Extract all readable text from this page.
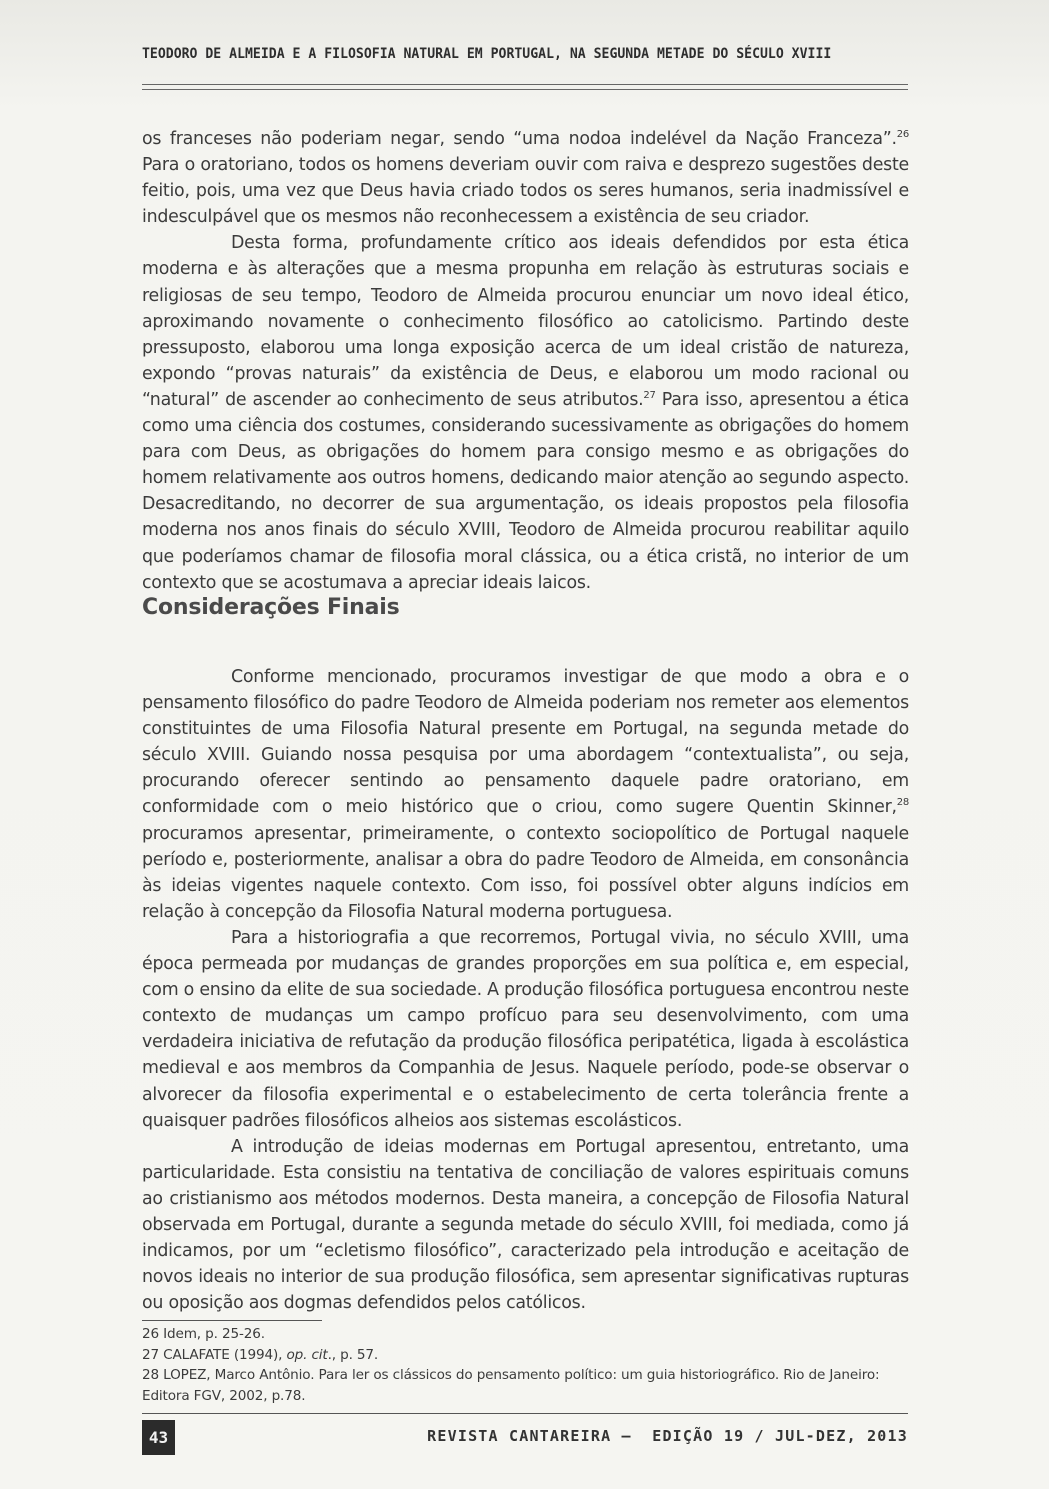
TEODORO DE ALMEIDA E A FILOSOFIA NATURAL EM PORTUGAL, NA SEGUNDA METADE DO SÉCULO XVIII

os franceses não poderiam negar, sendo “uma nodoa indelével da Nação Franceza”.$^{26}$ Para o oratoriano, todos os homens deveriam ouvir com raiva e desprezo sugestões deste feitio, pois, uma vez que Deus havia criado todos os seres humanos, seria inadmissível e indesculpável que os mesmos não reconhecessem a existência de seu criador.

Desta forma, profundamente crítico aos ideais defendidos por esta ética moderna e às alterações que a mesma propunha em relação às estruturas sociais e religiosas de seu tempo, Teodoro de Almeida procurou enunciar um novo ideal ético, aproximando novamente o conhecimento filosófico ao catolicismo. Partindo deste pressuposto, elaborou uma longa exposição acerca de um ideal cristão de natureza, expondo “provas naturais” da existência de Deus, e elaborou um modo racional ou “natural” de ascender ao conhecimento de seus atributos.$^{27}$ Para isso, apresentou a ética como uma ciência dos costumes, considerando sucessivamente as obrigações do homem para com Deus, as obrigações do homem para consigo mesmo e as obrigações do homem relativamente aos outros homens, dedicando maior atenção ao segundo aspecto. Desacreditando, no decorrer de sua argumentação, os ideais propostos pela filosofia moderna nos anos finais do século XVIII, Teodoro de Almeida procurou reabilitar aquilo que poderíamos chamar de filosofia moral clássica, ou a ética cristã, no interior de um contexto que se acostumava a apreciar ideais laicos.

Considerações Finais

Conforme mencionado, procuramos investigar de que modo a obra e o pensamento filosófico do padre Teodoro de Almeida poderiam nos remeter aos elementos constituintes de uma Filosofia Natural presente em Portugal, na segunda metade do século XVIII. Guiando nossa pesquisa por uma abordagem “contextualista”, ou seja, procurando oferecer sentindo ao pensamento daquele padre oratoriano, em conformidade com o meio histórico que o criou, como sugere Quentin Skinner,$^{28}$ procuramos apresentar, primeiramente, o contexto sociopolítico de Portugal naquele período e, posteriormente, analisar a obra do padre Teodoro de Almeida, em consonância às ideias vigentes naquele contexto. Com isso, foi possível obter alguns indícios em relação à concepção da Filosofia Natural moderna portuguesa.

Para a historiografia a que recorremos, Portugal vivia, no século XVIII, uma época permeada por mudanças de grandes proporções em sua política e, em especial, com o ensino da elite de sua sociedade. A produção filosófica portuguesa encontrou neste contexto de mudanças um campo profícuo para seu desenvolvimento, com uma verdadeira iniciativa de refutação da produção filosófica peripatética, ligada à escolástica medieval e aos membros da Companhia de Jesus. Naquele período, pode-se observar o alvorecer da filosofia experimental e o estabelecimento de certa tolerância frente a quaisquer padrões filosóficos alheios aos sistemas escolásticos.

A introdução de ideias modernas em Portugal apresentou, entretanto, uma particularidade. Esta consistiu na tentativa de conciliação de valores espirituais comuns ao cristianismo aos métodos modernos. Desta maneira, a concepção de Filosofia Natural observada em Portugal, durante a segunda metade do século XVIII, foi mediada, como já indicamos, por um “ecletismo filosófico”, caracterizado pela introdução e aceitação de novos ideais no interior de sua produção filosófica, sem apresentar significativas rupturas ou oposição aos dogmas defendidos pelos católicos.

26 Idem, p. 25-26.
27 CALAFATE (1994), op. cit., p. 57.
28 LOPEZ, Marco Antônio. Para ler os clássicos do pensamento político: um guia historiográfico. Rio de Janeiro: Editora FGV, 2002, p.78.
43	REVISTA CANTAREIRA –  EDIÇÃO 19 / JUL-DEZ, 2013
